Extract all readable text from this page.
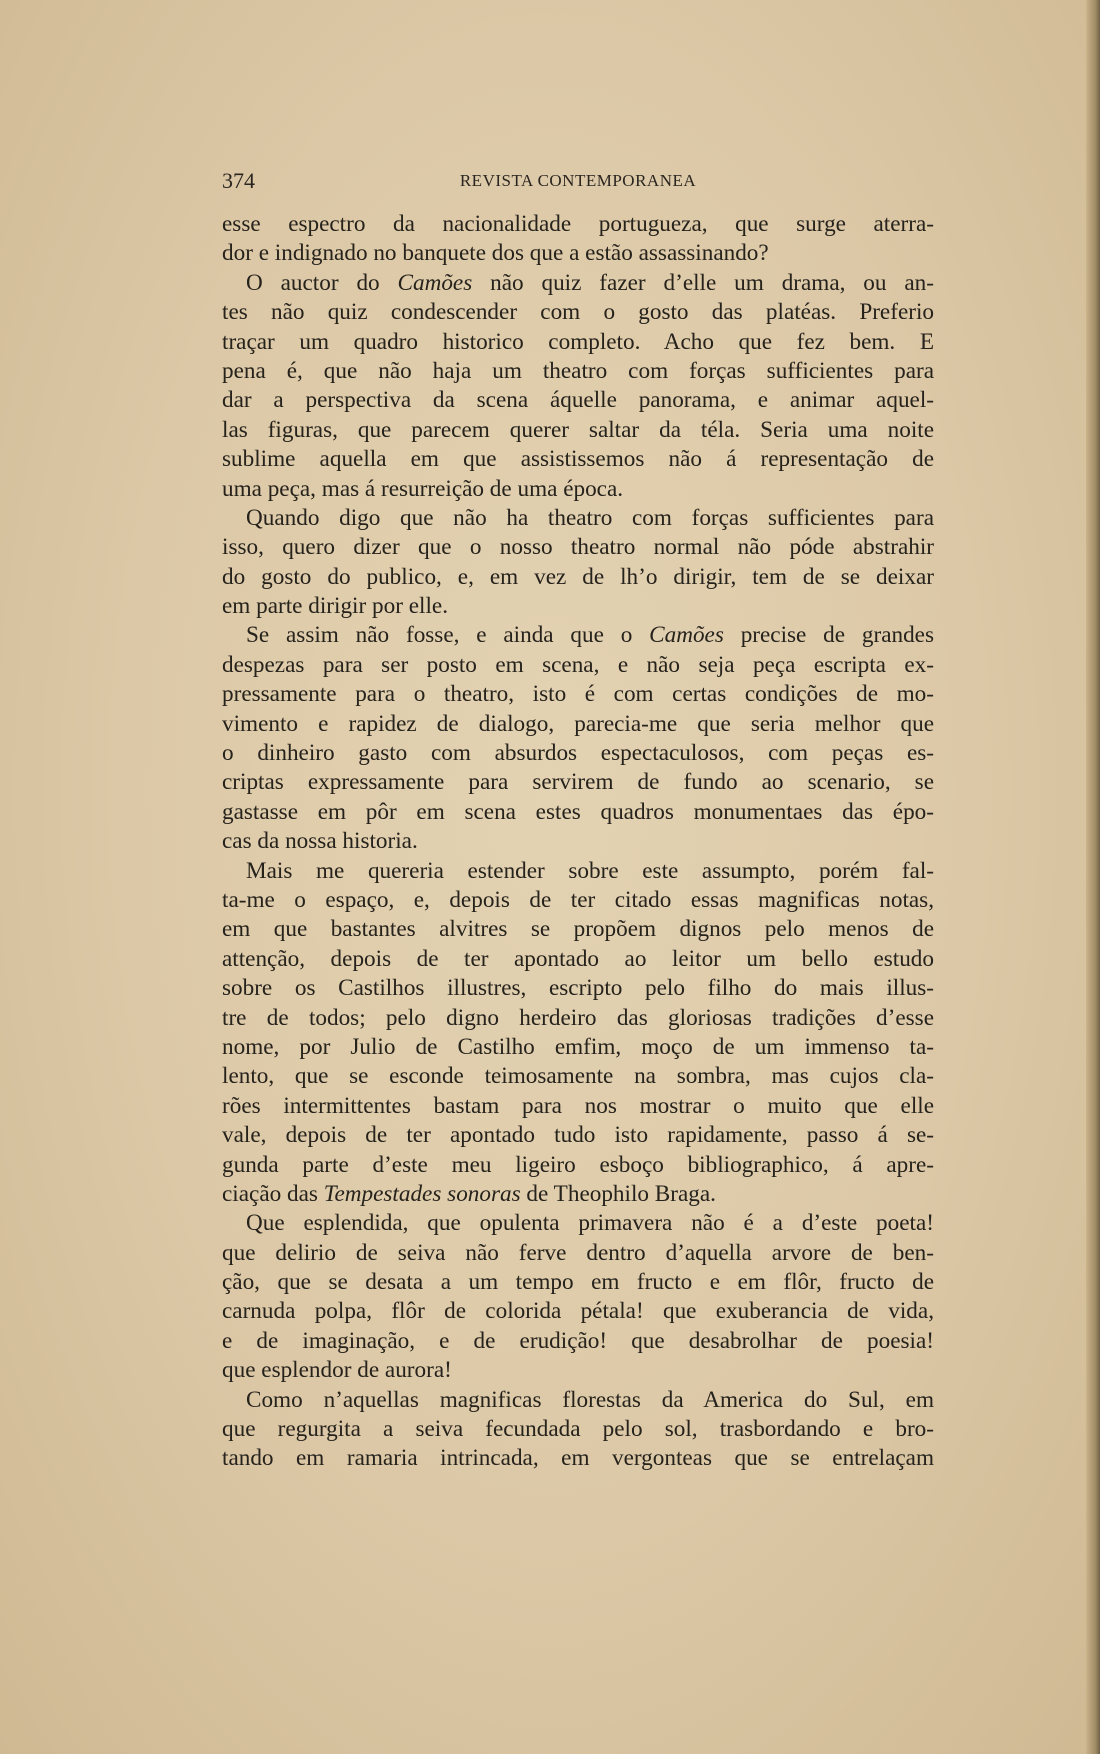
374	REVISTA CONTEMPORANEA
esse espectro da nacionalidade portugueza, que surge aterra-
dor e indignado no banquete dos que a estão assassinando?
O auctor do Camões não quiz fazer d’elle um drama, ou an-
tes não quiz condescender com o gosto das platéas. Preferio
traçar um quadro historico completo. Acho que fez bem. E
pena é, que não haja um theatro com forças sufficientes para
dar a perspectiva da scena áquelle panorama, e animar aquel-
las figuras, que parecem querer saltar da téla. Seria uma noite
sublime aquella em que assistissemos não á representação de
uma peça, mas á resurreição de uma época.
Quando digo que não ha theatro com forças sufficientes para
isso, quero dizer que o nosso theatro normal não póde abstrahir
do gosto do publico, e, em vez de lh’o dirigir, tem de se deixar
em parte dirigir por elle.
Se assim não fosse, e ainda que o Camões precise de grandes
despezas para ser posto em scena, e não seja peça escripta ex-
pressamente para o theatro, isto é com certas condições de mo-
vimento e rapidez de dialogo, parecia-me que seria melhor que
o dinheiro gasto com absurdos espectaculosos, com peças es-
criptas expressamente para servirem de fundo ao scenario, se
gastasse em pôr em scena estes quadros monumentaes das épo-
cas da nossa historia.
Mais me quereria estender sobre este assumpto, porém fal-
ta-me o espaço, e, depois de ter citado essas magnificas notas,
em que bastantes alvitres se propõem dignos pelo menos de
attenção, depois de ter apontado ao leitor um bello estudo
sobre os Castilhos illustres, escripto pelo filho do mais illus-
tre de todos; pelo digno herdeiro das gloriosas tradições d’esse
nome, por Julio de Castilho emfim, moço de um immenso ta-
lento, que se esconde teimosamente na sombra, mas cujos cla-
rões intermittentes bastam para nos mostrar o muito que elle
vale, depois de ter apontado tudo isto rapidamente, passo á se-
gunda parte d’este meu ligeiro esboço bibliographico, á apre-
ciação das Tempestades sonoras de Theophilo Braga.
Que esplendida, que opulenta primavera não é a d’este poeta!
que delirio de seiva não ferve dentro d’aquella arvore de ben-
ção, que se desata a um tempo em fructo e em flôr, fructo de
carnuda polpa, flôr de colorida pétala! que exuberancia de vida,
e de imaginação, e de erudição! que desabrolhar de poesia!
que esplendor de aurora!
Como n’aquellas magnificas florestas da America do Sul, em
que regurgita a seiva fecundada pelo sol, trasbordando e bro-
tando em ramaria intrincada, em vergonteas que se entrelaçam
